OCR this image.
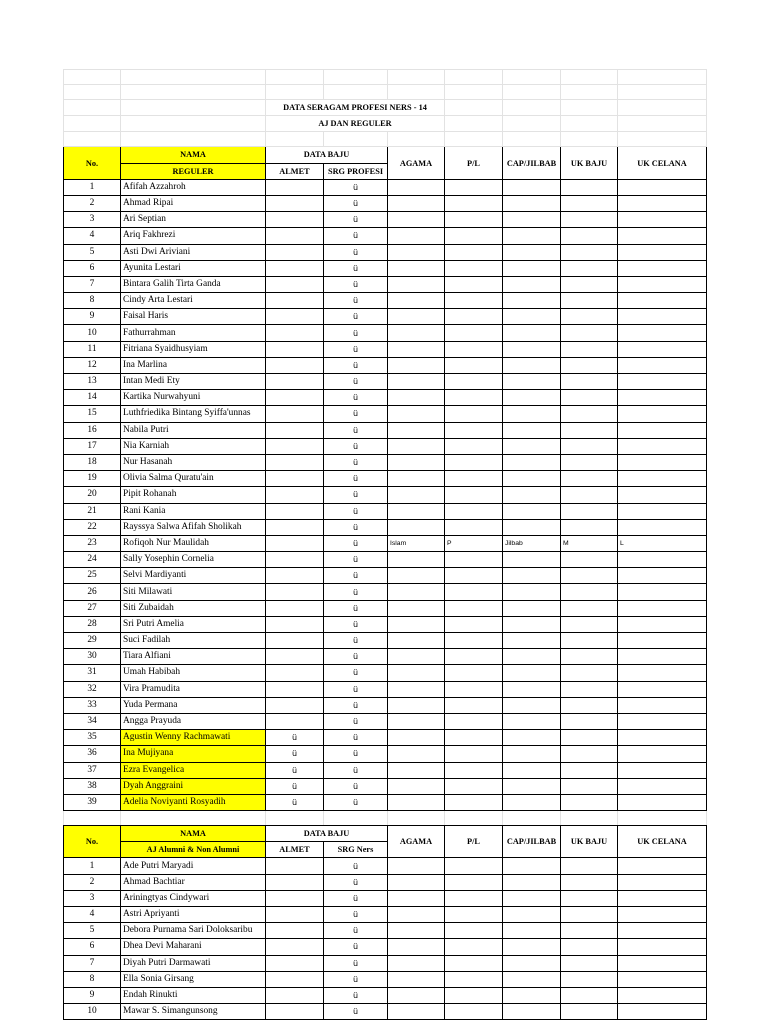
		DATA SERAGAM PROFESI NERS - 14						
		AJ DAN REGULER						

No.	NAMA	DATA BAJU		AGAMA	P/L	CAP/JILBAB	UK BAJU	UK CELANA
	REGULER	ALMET	SRG PROFESI					
1	Afifah Azzahroh		ü					
2	Ahmad Ripai		ü					
3	Ari Septian		ü					
4	Ariq Fakhrezi		ü					
5	Asti Dwi Ariviani		ü					
6	Ayunita Lestari		ü					
7	Bintara Galih Tirta Ganda		ü					
8	Cindy Arta Lestari		ü					
9	Faisal Haris		ü					
10	Fathurrahman		ü					
11	Fitriana Syaidhusyiam		ü					
12	Ina Marlina		ü					
13	Intan Medi Ety		ü					
14	Kartika Nurwahyuni		ü					
15	Luthfriedika Bintang Syiffa'unnas		ü					
16	Nabila Putri		ü					
17	Nia Karniah		ü					
18	Nur Hasanah		ü					
19	Olivia Salma Quratu'ain		ü					
20	Pipit Rohanah		ü					
21	Rani Kania		ü					
22	Rayssya Salwa Afifah Sholikah		ü					
23	Rofiqoh Nur Maulidah		ü	Islam	P	Jilbab	M	L
24	Sally Yosephin Cornelia		ü					
25	Selvi Mardiyanti		ü					
26	Siti Milawati		ü					
27	Siti Zubaidah		ü					
28	Sri Putri Amelia		ü					
29	Suci Fadilah		ü					
30	Tiara Alfiani		ü					
31	Umah Habibah		ü					
32	Vira Pramudita		ü					
33	Yuda Permana		ü					
34	Angga Prayuda		ü					
35	Agustin Wenny Rachmawati	ü	ü					
36	Ina Mujiyana	ü	ü					
37	Ezra Evangelica	ü	ü					
38	Dyah Anggraini	ü	ü					
39	Adelia Noviyanti Rosyadih	ü	ü					

No.	NAMA	DATA BAJU		AGAMA	P/L	CAP/JILBAB	UK BAJU	UK CELANA
	AJ Alumni & Non Alumni	ALMET	SRG Ners					
1	Ade Putri Maryadi		ü					
2	Ahmad Bachtiar		ü					
3	Ariningtyas Cindywari		ü					
4	Astri Apriyanti		ü					
5	Debora Purnama Sari Doloksaribu		ü					
6	Dhea Devi Maharani		ü					
7	Diyah Putri Darmawati		ü					
8	Ella Sonia Girsang		ü					
9	Endah Rinukti		ü					
10	Mawar S. Simangunsong		ü					
